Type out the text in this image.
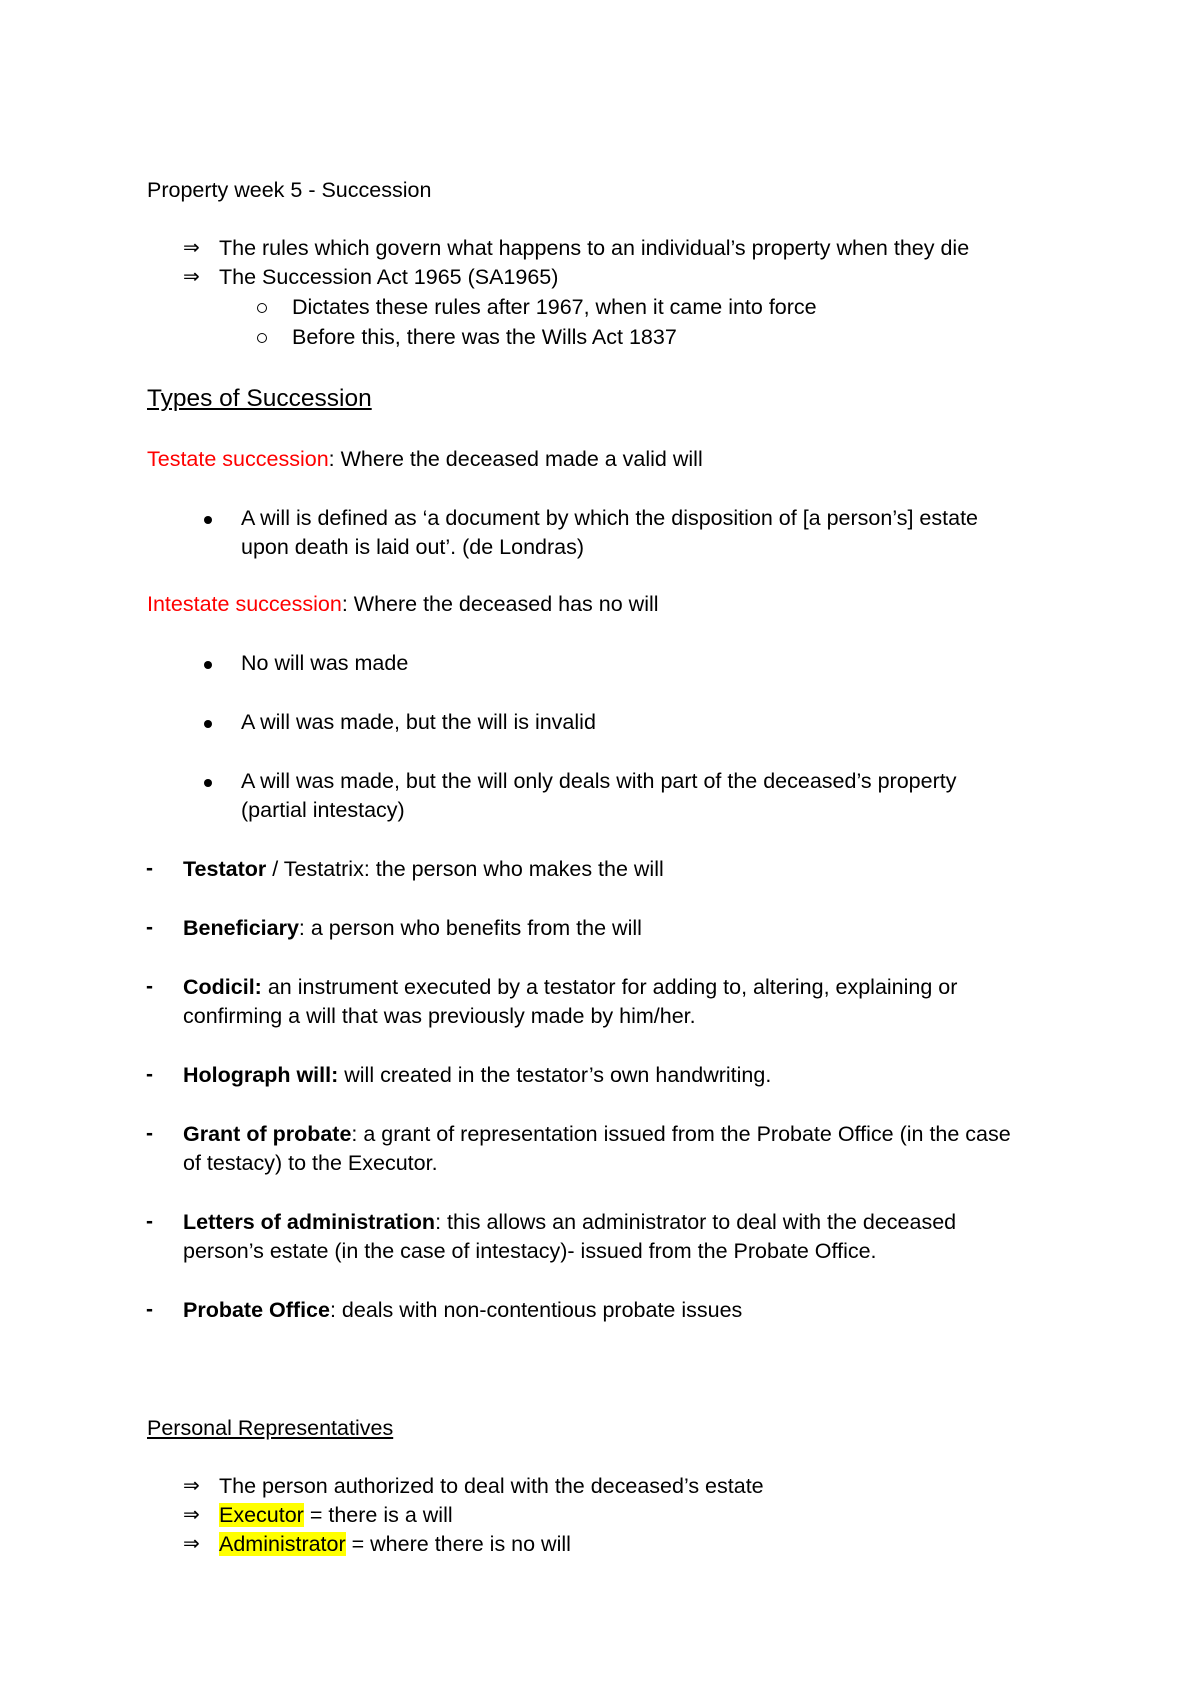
Property week 5 - Succession
⇒ The rules which govern what happens to an individual’s property when they die
⇒ The Succession Act 1965 (SA1965)
Dictates these rules after 1967, when it came into force
Before this, there was the Wills Act 1837
Types of Succession
Testate succession: Where the deceased made a valid will
A will is defined as ‘a document by which the disposition of [a person’s] estate
upon death is laid out’. (de Londras)
Intestate succession: Where the deceased has no will
No will was made
A will was made, but the will is invalid
A will was made, but the will only deals with part of the deceased’s property
(partial intestacy)
- Testator / Testatrix: the person who makes the will
- Beneficiary: a person who benefits from the will
- Codicil: an instrument executed by a testator for adding to, altering, explaining or
confirming a will that was previously made by him/her.
- Holograph will: will created in the testator’s own handwriting.
- Grant of probate: a grant of representation issued from the Probate Office (in the case
of testacy) to the Executor.
- Letters of administration: this allows an administrator to deal with the deceased
person’s estate (in the case of intestacy)- issued from the Probate Office.
- Probate Office: deals with non-contentious probate issues
Personal Representatives
⇒ The person authorized to deal with the deceased’s estate
⇒ Executor = there is a will
⇒ Administrator = where there is no will
